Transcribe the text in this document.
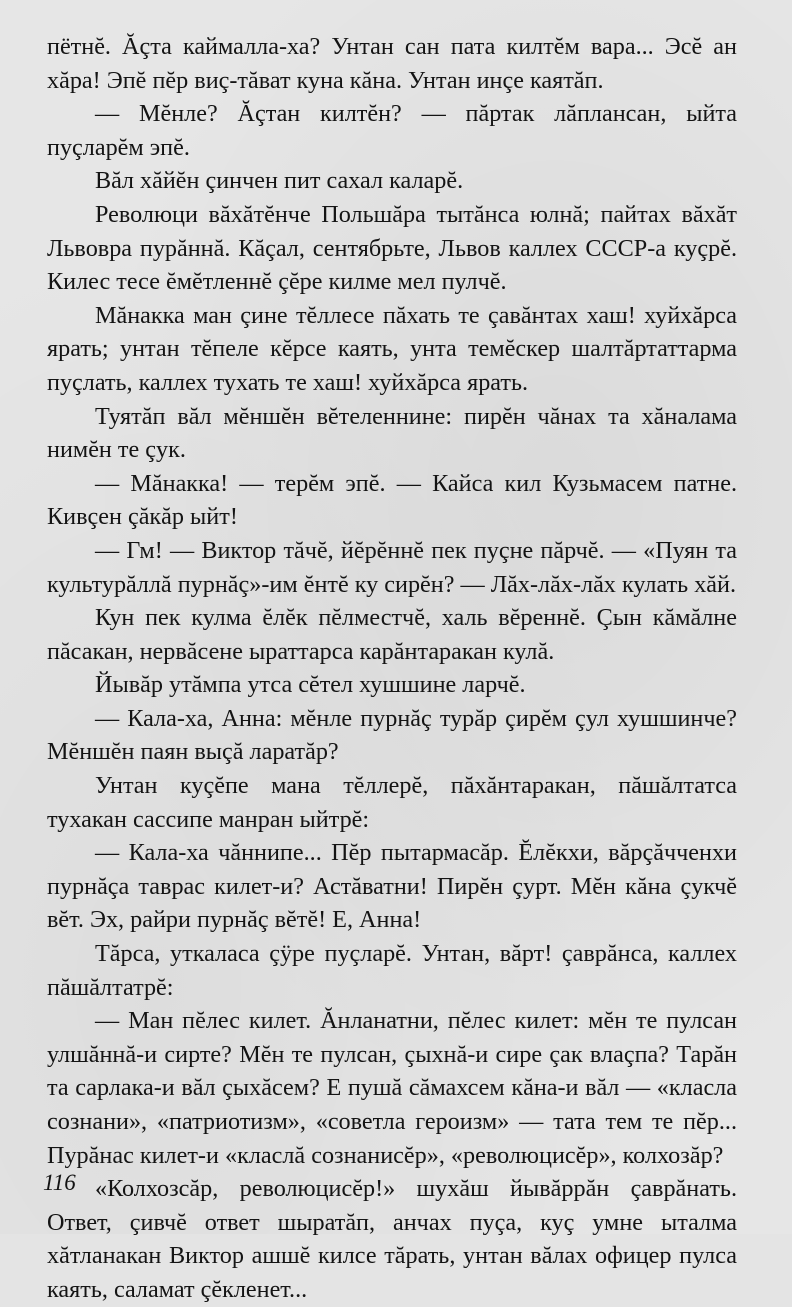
пётнĕ. Ăçта каймалла-ха? Унтан сан пата килтĕм вара... Эсĕ ан хăра! Эпĕ пĕр виç-тăват куна кăна. Унтан инçе каятăп.

— Мĕнле? Ăçтан килтĕн? — пăртак лăплансан, ыйта пуçларĕм эпĕ.

Вăл хăйĕн çинчен пит сахал каларĕ.

Революци вăхăтĕнче Польшăра тытăнса юлнă; пайтах вăхăт Львовра пурăннă. Кăçал, сентябрьте, Львов каллех СССР-а куçрĕ. Килес тесе ĕмĕтленнĕ çĕре килме мел пулчĕ.

Мăнакка ман çине тĕллесе пăхать те çавăнтах хаш! хуйхăрса ярать; унтан тĕпеле кĕрсе каять, унта темĕскер шалтăртаттарма пуçлать, каллех тухать те хаш! хуйхăрса ярать.

Туятăп вăл мĕншĕн вĕтеленнине: пирĕн чăнах та хăналама нимĕн те çук.

— Мăнакка! — терĕм эпĕ. — Кайса кил Кузьмасем патне. Кивçен çăкăр ыйт!

— Гм! — Виктор тăчĕ, йĕрĕннĕ пек пуçне пăрчĕ. — «Пуян та культурăллă пурнăç»-им ĕнтĕ ку сирĕн? — Лăх-лăх-лăх кулать хăй.

Кун пек кулма ĕлĕк пĕлместчĕ, халь вĕреннĕ. Çын кăмăлне пăсакан, нервăсене ыраттарса карăнтаракан кулă.

Йывăр утăмпа утса сĕтел хушшине ларчĕ.

— Кала-ха, Анна: мĕнле пурнăç турăр çирĕм çул хушшинче? Мĕншĕн паян выçă ларатăр?

Унтан куçĕпе мана тĕллерĕ, пăхăнтаракан, пăшăлтатса тухакан сассипе манран ыйтрĕ:

— Кала-ха чăннипе... Пĕр пытармасăр. Ĕлĕкхи, вăрçăчченхи пурнăçа таврас килет-и? Астăватни! Пирĕн çурт. Мĕн кăна çукчĕ вĕт. Эх, райри пурнăç вĕтĕ! Е, Анна!

Тăрса, уткаласа çÿре пуçларĕ. Унтан, вăрт! çаврăнса, каллех пăшăлтатрĕ:

— Ман пĕлес килет. Ăнланатни, пĕлес килет: мĕн те пулсан улшăннă-и сирте? Мĕн те пулсан, çыхнă-и сире çак влаçпа? Тарăн та сарлака-и вăл çыхăсем? Е пушă сăмахсем кăна-и вăл — «класла сознани», «патриотизм», «советла героизм» — тата тем те пĕр... Пурăнас килет-и «класлă сознанисĕр», «революцисĕр», колхозăр?

«Колхозсăр, революцисĕр!» шухăш йывăррăн çаврăнать. Ответ, çивчĕ ответ шыратăп, анчах пуçа, куç умне ыталма хăтланакан Виктор ашшĕ килсе тăрать, унтан вăлах офицер пулса каять, саламат çĕкленет...

116
